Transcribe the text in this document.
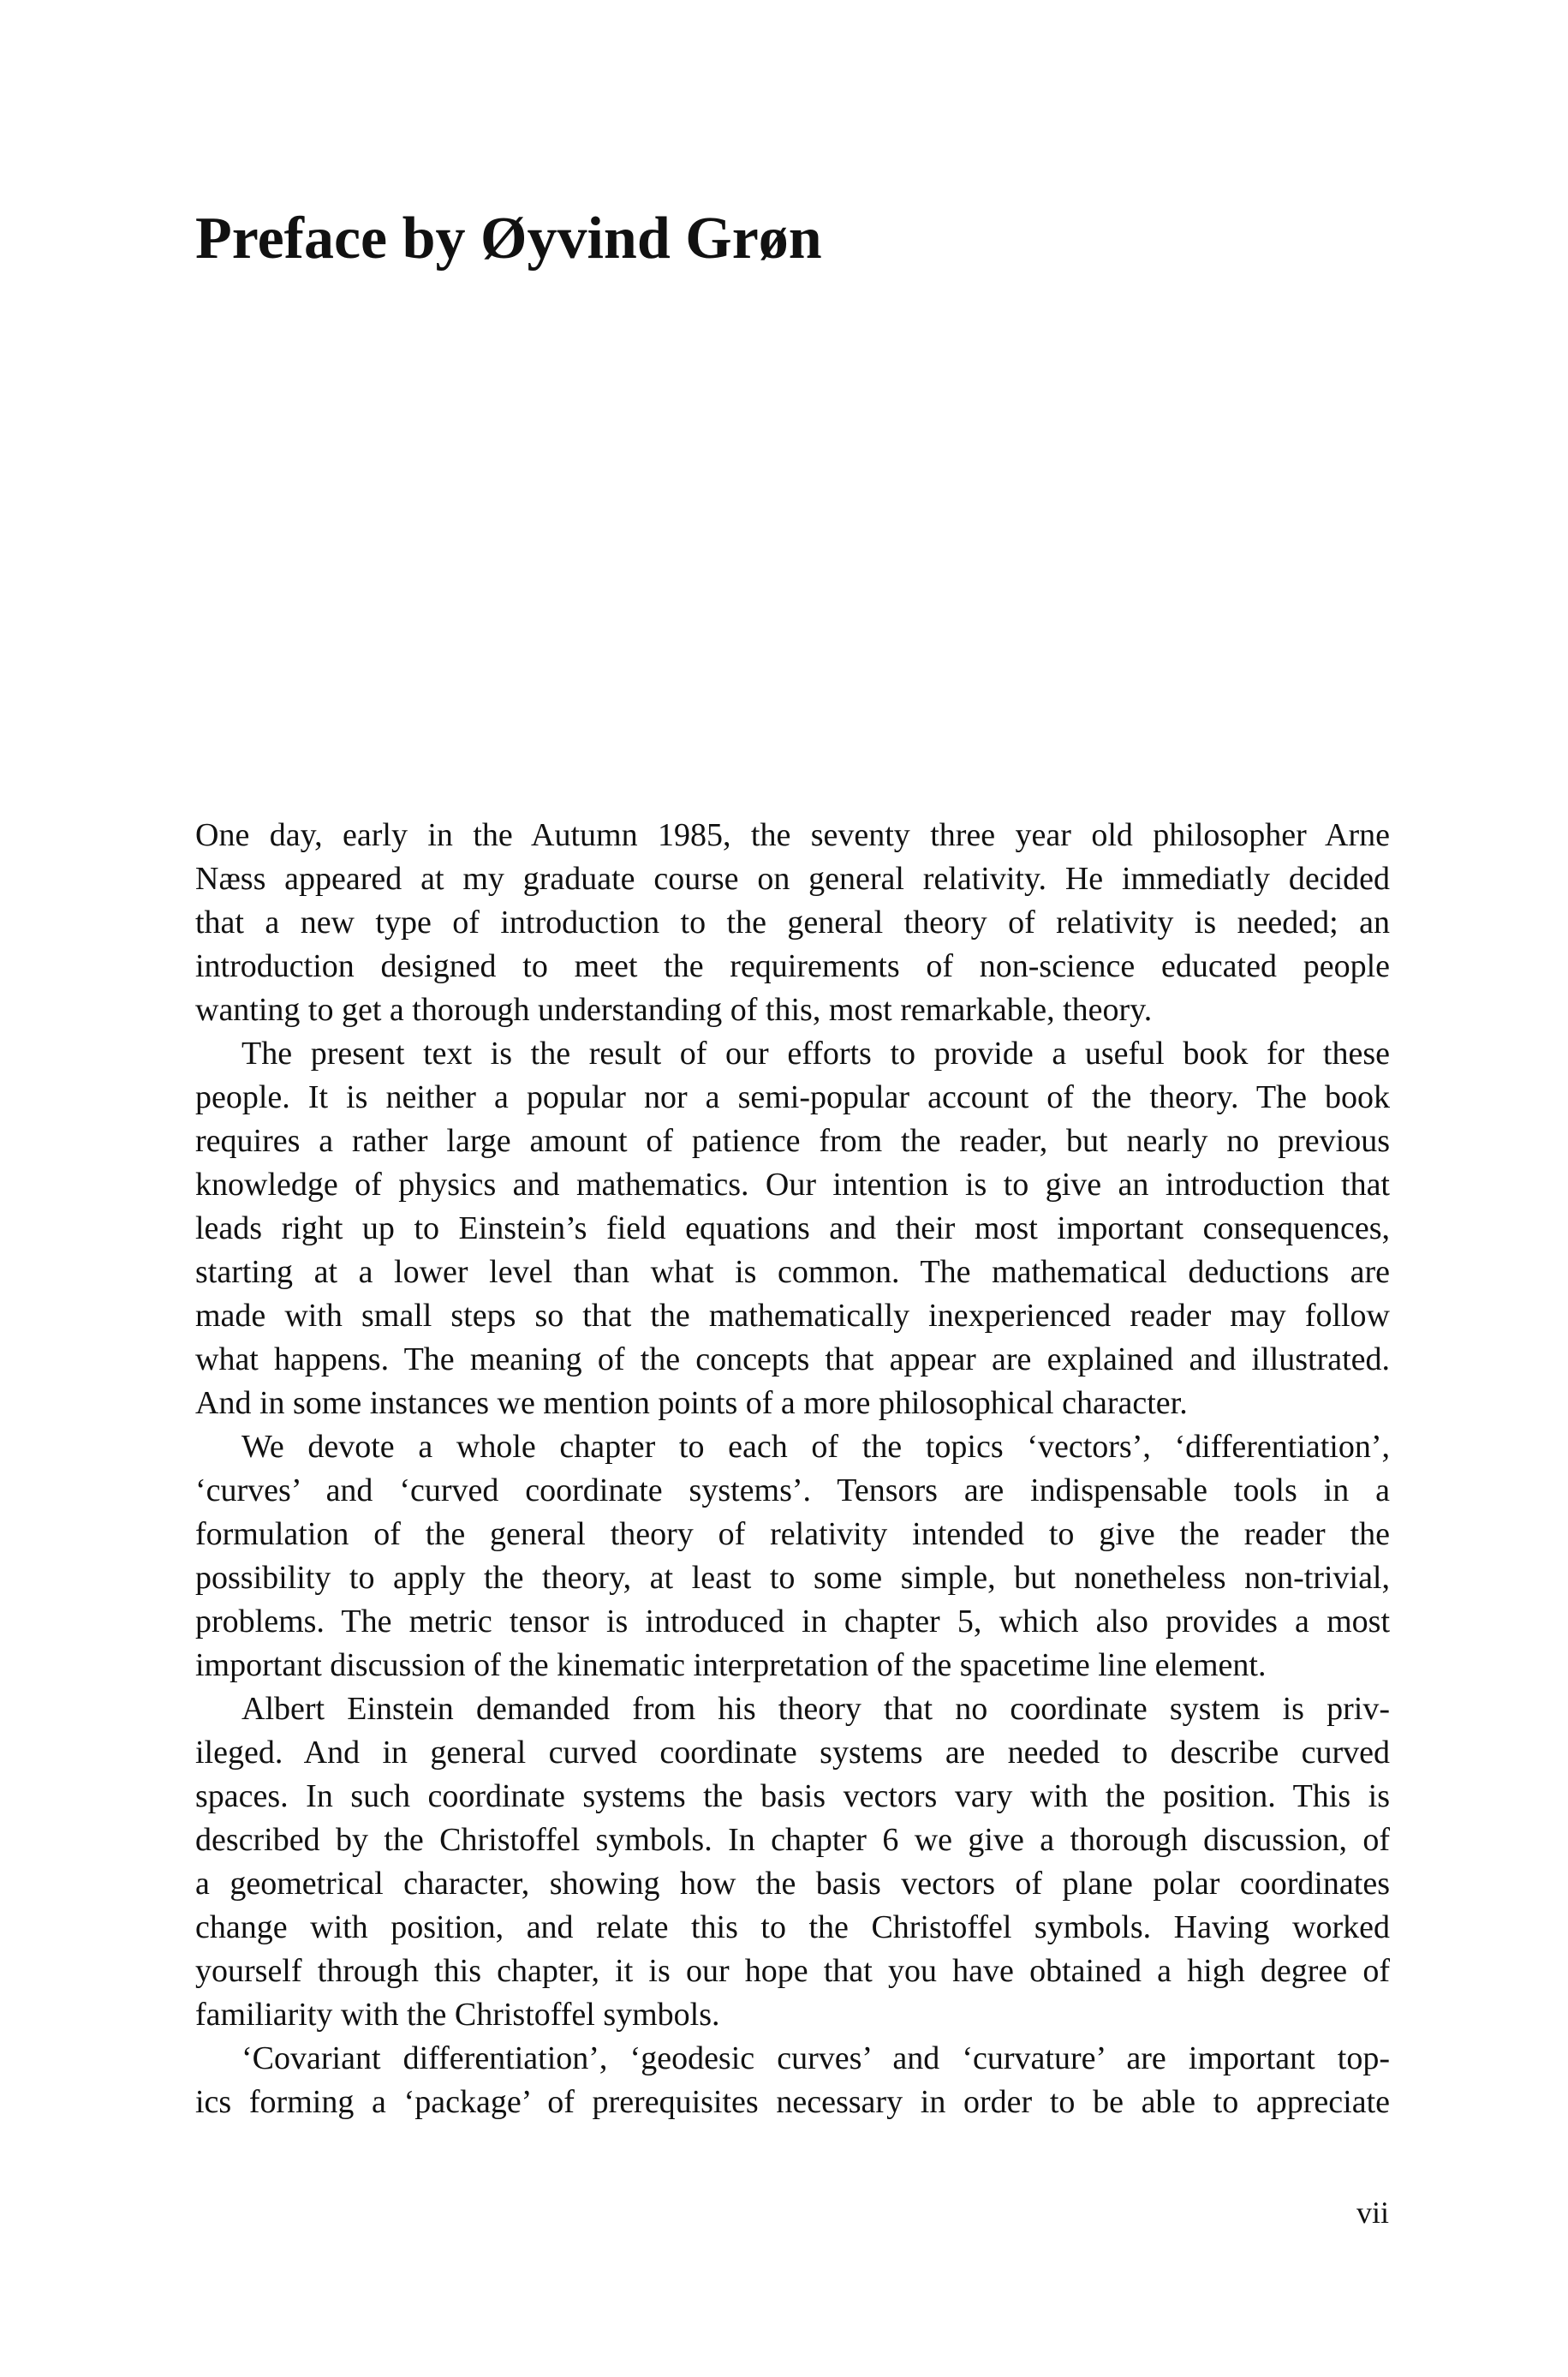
Preface by Øyvind Grøn
One day, early in the Autumn 1985, the seventy three year old philosopher Arne
Næss appeared at my graduate course on general relativity. He immediatly decided
that a new type of introduction to the general theory of relativity is needed; an
introduction designed to meet the requirements of non-science educated people
wanting to get a thorough understanding of this, most remarkable, theory.
The present text is the result of our efforts to provide a useful book for these
people. It is neither a popular nor a semi-popular account of the theory. The book
requires a rather large amount of patience from the reader, but nearly no previous
knowledge of physics and mathematics. Our intention is to give an introduction that
leads right up to Einstein’s field equations and their most important consequences,
starting at a lower level than what is common. The mathematical deductions are
made with small steps so that the mathematically inexperienced reader may follow
what happens. The meaning of the concepts that appear are explained and illustrated.
And in some instances we mention points of a more philosophical character.
We devote a whole chapter to each of the topics ‘vectors’, ‘differentiation’,
‘curves’ and ‘curved coordinate systems’. Tensors are indispensable tools in a
formulation of the general theory of relativity intended to give the reader the
possibility to apply the theory, at least to some simple, but nonetheless non-trivial,
problems. The metric tensor is introduced in chapter 5, which also provides a most
important discussion of the kinematic interpretation of the spacetime line element.
Albert Einstein demanded from his theory that no coordinate system is priv-
ileged. And in general curved coordinate systems are needed to describe curved
spaces. In such coordinate systems the basis vectors vary with the position. This is
described by the Christoffel symbols. In chapter 6 we give a thorough discussion, of
a geometrical character, showing how the basis vectors of plane polar coordinates
change with position, and relate this to the Christoffel symbols. Having worked
yourself through this chapter, it is our hope that you have obtained a high degree of
familiarity with the Christoffel symbols.
‘Covariant differentiation’, ‘geodesic curves’ and ‘curvature’ are important top-
ics forming a ‘package’ of prerequisites necessary in order to be able to appreciate

vii
